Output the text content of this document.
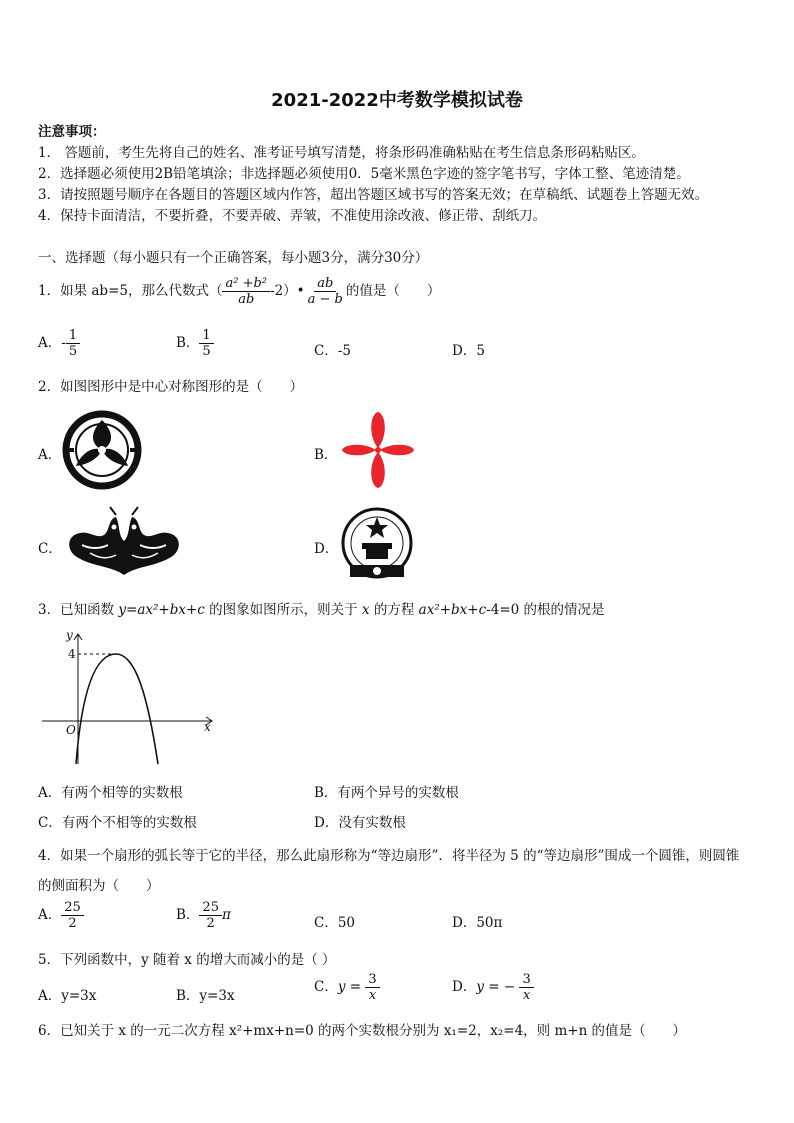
2021-2022中考数学模拟试卷
注意事项：
1． 答题前，考生先将自己的姓名、准考证号填写清楚，将条形码准确粘贴在考生信息条形码粘贴区。
2．选择题必须使用2B铅笔填涂；非选择题必须使用0．5毫米黑色字迹的签字笔书写，字体工整、笔迹清楚。
3．请按照题号顺序在各题目的答题区域内作答，超出答题区域书写的答案无效；在草稿纸、试题卷上答题无效。
4．保持卡面清洁，不要折叠，不要弄破、弄皱，不准使用涂改液、修正带、刮纸刀。
一、选择题（每小题只有一个正确答案，每小题3分，满分30分）
1．如果 ab=5，那么代数式（ $\frac{\text{a² +b²}}{ab}$ -2）• $\frac{ab}{a - b}$ 的值是（　　）
A．- $\frac{1}{5}$	B． $\frac{1}{5}$	C．-5	D．5
2．如图图形中是中心对称图形的是（　　）
A．	B．
C．	D．
3．已知函数 y=ax²+bx+c 的图象如图所示，则关于 x 的方程 ax²+bx+c-4=0 的根的情况是
y
x
O
4
A．有两个相等的实数根	B．有两个异号的实数根
C．有两个不相等的实数根	D．没有实数根
4．如果一个扇形的弧长等于它的半径，那么此扇形称为“等边扇形”．将半径为 5 的“等边扇形”围成一个圆锥，则圆锥
的侧面积为（　　）
A． $\frac{25}{2}$	B． $\frac{25}{2}$ π	C．50	D．50π
5．下列函数中，y 随着 x 的增大而减小的是（ ）
A．y=3x	B．y=3x
C．$y = \frac{3}{x}$	D．y = − $\frac{3}{x}$
6．已知关于 x 的一元二次方程 x²+mx+n=0 的两个实数根分别为 x₁=2，x₂=4，则 m+n 的值是（　　）
